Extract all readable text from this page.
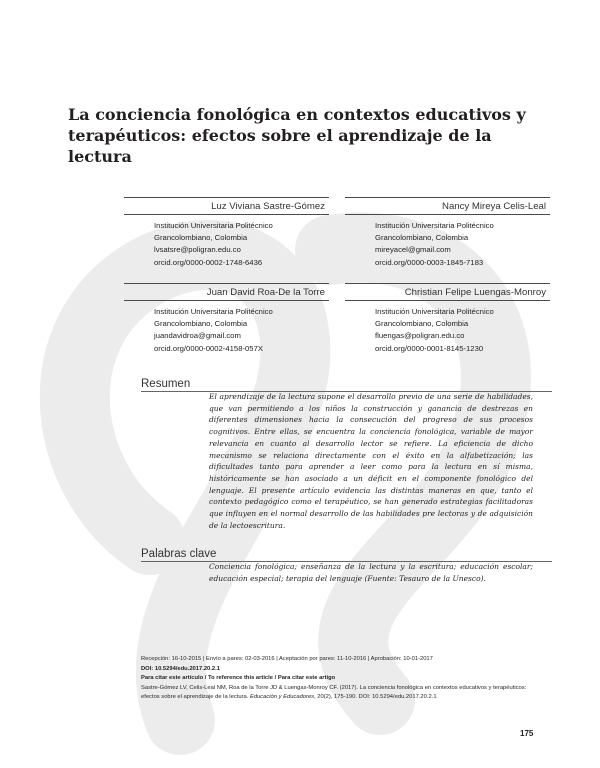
La conciencia fonológica en contextos educativos y
terapéuticos: efectos sobre el aprendizaje de la lectura
Luz Viviana Sastre-Gómez
Institución Universitaria Politécnico
Grancolombiano, Colombia
lvsatsre@poligran.edu.co
orcid.org/0000-0002-1748-6436
Nancy Mireya Celis-Leal
Institución Universitaria Politécnico
Grancolombiano, Colombia
mireyacel@gmail.com
orcid.org/0000-0003-1845-7183
Juan David Roa-De la Torre
Institución Universitaria Politécnico
Grancolombiano, Colombia
juandavidroa@gmail.com
orcid.org/0000-0002-4158-057X
Christian Felipe Luengas-Monroy
Institución Universitaria Politécnico
Grancolombiano, Colombia
fluengas@poligran.edu.co
orcid.org/0000-0001-8145-1230
Resumen

El aprendizaje de la lectura supone el desarrollo previo de una serie de habilidades, que van permitiendo a los niños la construcción y ganancia de destrezas en diferentes dimensiones hacia la consecución del progreso de sus procesos cognitivos. Entre ellas, se encuentra la conciencia fonológica, variable de mayor relevancia en cuanto al desarrollo lector se refiere. La eficiencia de dicho mecanismo se relaciona directamente con el éxito en la alfabetización; las dificultades tanto para aprender a leer como para la lectura en sí misma, históricamente se han asociado a un déficit en el componente fonológico del lenguaje. El presente artículo evidencia las distintas maneras en que, tanto el contexto pedagógico como el terapéutico, se han generado estrategias facilitadoras que influyen en el normal desarrollo de las habilidades pre lectoras y de adquisición de la lectoescritura.

Palabras clave

Conciencia fonológica; enseñanza de la lectura y la escritura; educación escolar; educación especial; terapia del lenguaje (Fuente: Tesauro de la Unesco).

Recepción: 16-10-2015 | Envío a pares: 02-03-2016 | Aceptación por pares: 11-10-2016 | Aprobación: 10-01-2017
DOI: 10.5294/edu.2017.20.2.1
Para citar este artículo / To reference this article / Para citar este artigo
Sastre-Gómez LV, Celis-Leal NM, Roa de la Torre JD & Luengas-Monroy CF. (2017). La conciencia fonológica en contextos educativos y terapéuticos: efectos sobre el aprendizaje de la lectura. Educación y Educadores, 20(2), 175-190. DOI: 10.5294/edu.2017.20.2.1
175
